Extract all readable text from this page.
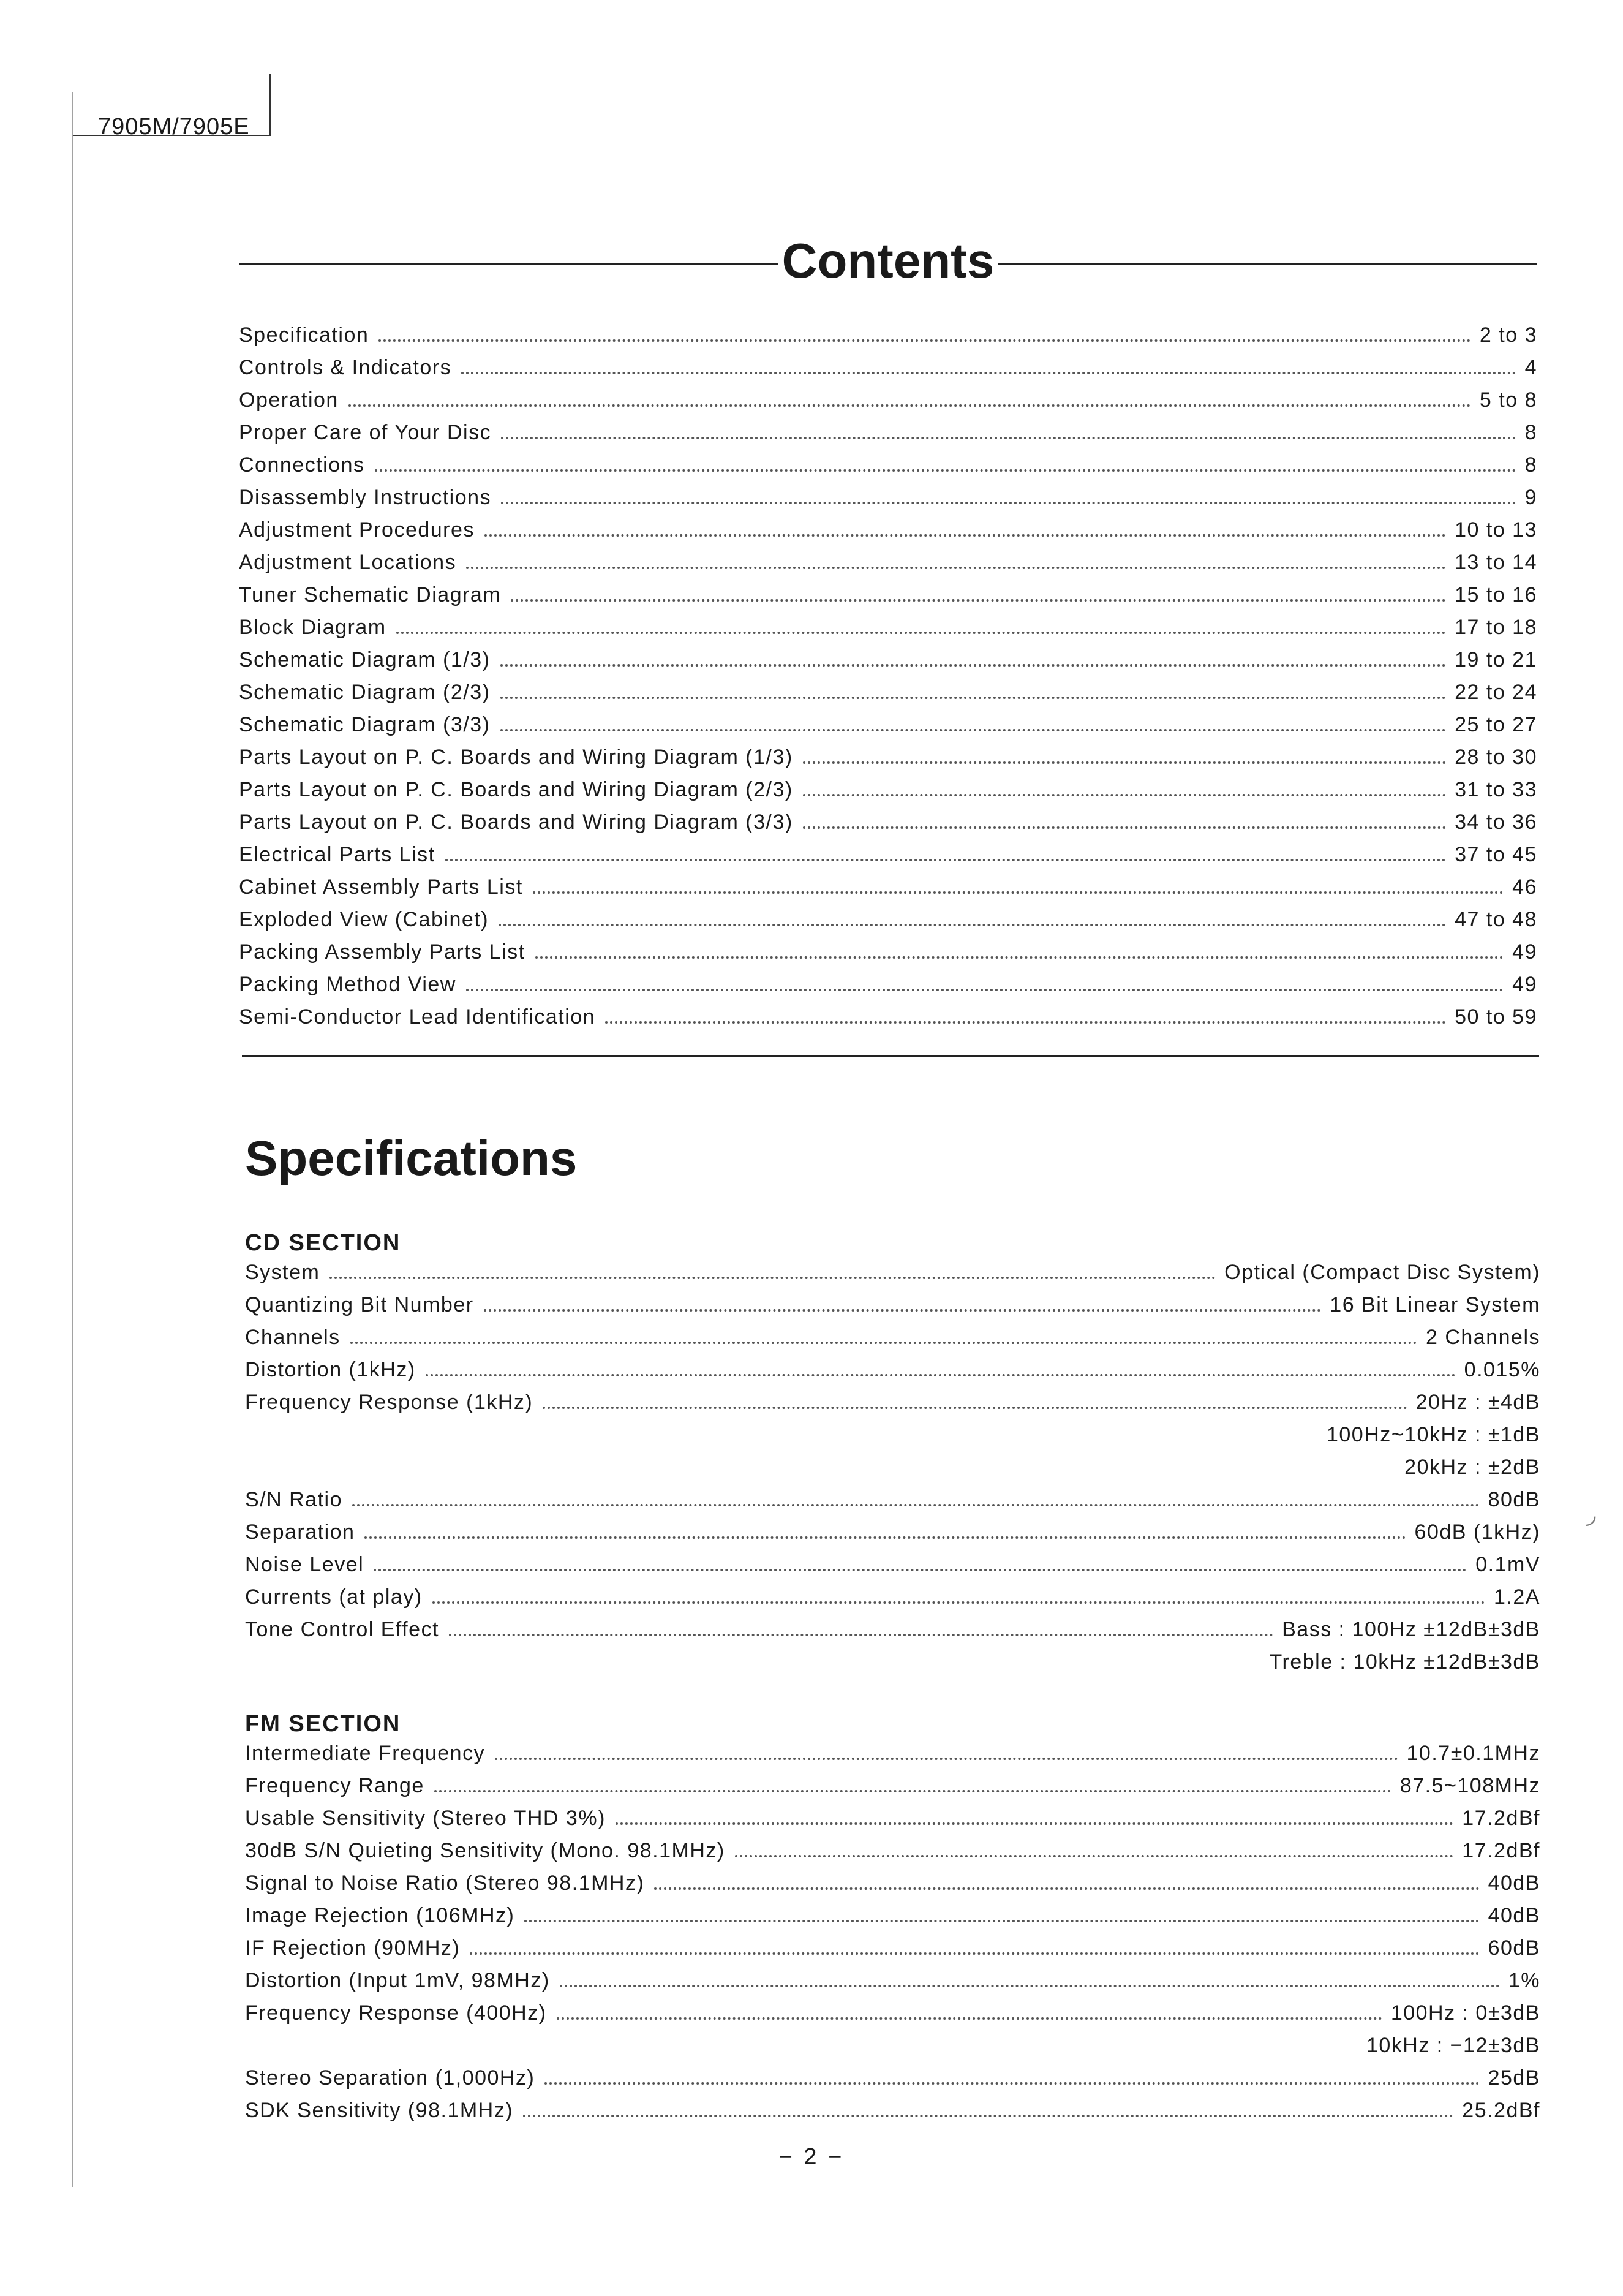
7905M/7905E
Contents
Specification	2 to 3
Controls & Indicators	4
Operation	5 to 8
Proper Care of Your Disc	8
Connections	8
Disassembly Instructions	9
Adjustment Procedures	10 to 13
Adjustment Locations	13 to 14
Tuner Schematic Diagram	15 to 16
Block Diagram	17 to 18
Schematic Diagram (1/3)	19 to 21
Schematic Diagram (2/3)	22 to 24
Schematic Diagram (3/3)	25 to 27
Parts Layout on P. C. Boards and Wiring Diagram (1/3)	28 to 30
Parts Layout on P. C. Boards and Wiring Diagram (2/3)	31 to 33
Parts Layout on P. C. Boards and Wiring Diagram (3/3)	34 to 36
Electrical Parts List	37 to 45
Cabinet Assembly Parts List	46
Exploded View (Cabinet)	47 to 48
Packing Assembly Parts List	49
Packing Method View	49
Semi-Conductor Lead Identification	50 to 59
Specifications
CD SECTION
System	Optical (Compact Disc System)
Quantizing Bit Number	16 Bit Linear System
Channels	2 Channels
Distortion (1kHz)	0.015%
Frequency Response (1kHz)	20Hz : ±4dB
100Hz~10kHz : ±1dB
20kHz : ±2dB
S/N Ratio	80dB
Separation	60dB (1kHz)
Noise Level	0.1mV
Currents (at play)	1.2A
Tone Control Effect	Bass : 100Hz ±12dB±3dB
Treble : 10kHz ±12dB±3dB
FM SECTION
Intermediate Frequency	10.7±0.1MHz
Frequency Range	87.5~108MHz
Usable Sensitivity (Stereo THD 3%)	17.2dBf
30dB S/N Quieting Sensitivity (Mono. 98.1MHz)	17.2dBf
Signal to Noise Ratio (Stereo 98.1MHz)	40dB
Image Rejection (106MHz)	40dB
IF Rejection (90MHz)	60dB
Distortion (Input 1mV, 98MHz)	1%
Frequency Response (400Hz)	100Hz : 0±3dB
10kHz : −12±3dB
Stereo Separation (1,000Hz)	25dB
SDK Sensitivity (98.1MHz)	25.2dBf
− 2 −
◞
